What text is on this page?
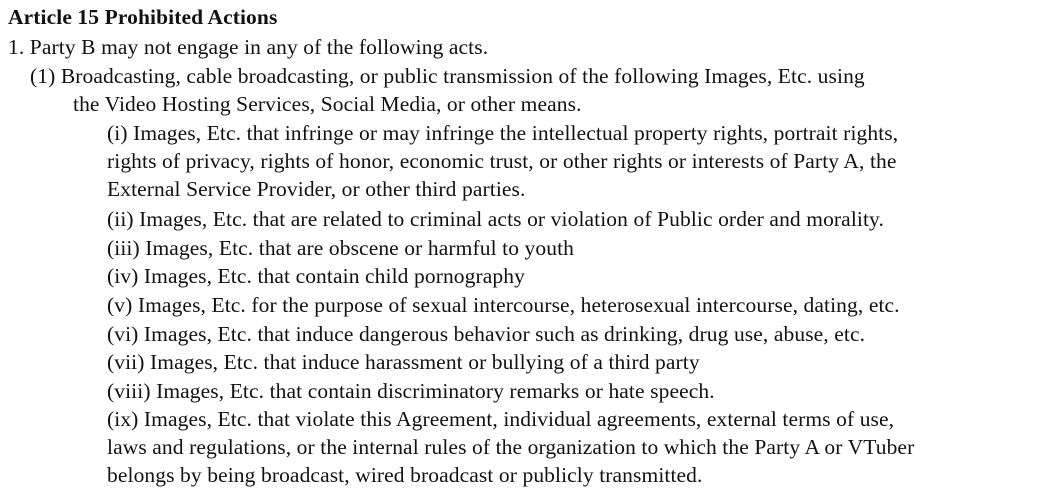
Article 15 Prohibited Actions
1. Party B may not engage in any of the following acts.
(1) Broadcasting, cable broadcasting, or public transmission of the following Images, Etc. using
the Video Hosting Services, Social Media, or other means.
(i) Images, Etc. that infringe or may infringe the intellectual property rights, portrait rights,
rights of privacy, rights of honor, economic trust, or other rights or interests of Party A, the
External Service Provider, or other third parties.
(ii) Images, Etc. that are related to criminal acts or violation of Public order and morality.
(iii) Images, Etc. that are obscene or harmful to youth
(iv) Images, Etc. that contain child pornography
(v) Images, Etc. for the purpose of sexual intercourse, heterosexual intercourse, dating, etc.
(vi) Images, Etc. that induce dangerous behavior such as drinking, drug use, abuse, etc.
(vii) Images, Etc. that induce harassment or bullying of a third party
(viii) Images, Etc. that contain discriminatory remarks or hate speech.
(ix) Images, Etc. that violate this Agreement, individual agreements, external terms of use,
laws and regulations, or the internal rules of the organization to which the Party A or VTuber
belongs by being broadcast, wired broadcast or publicly transmitted.
